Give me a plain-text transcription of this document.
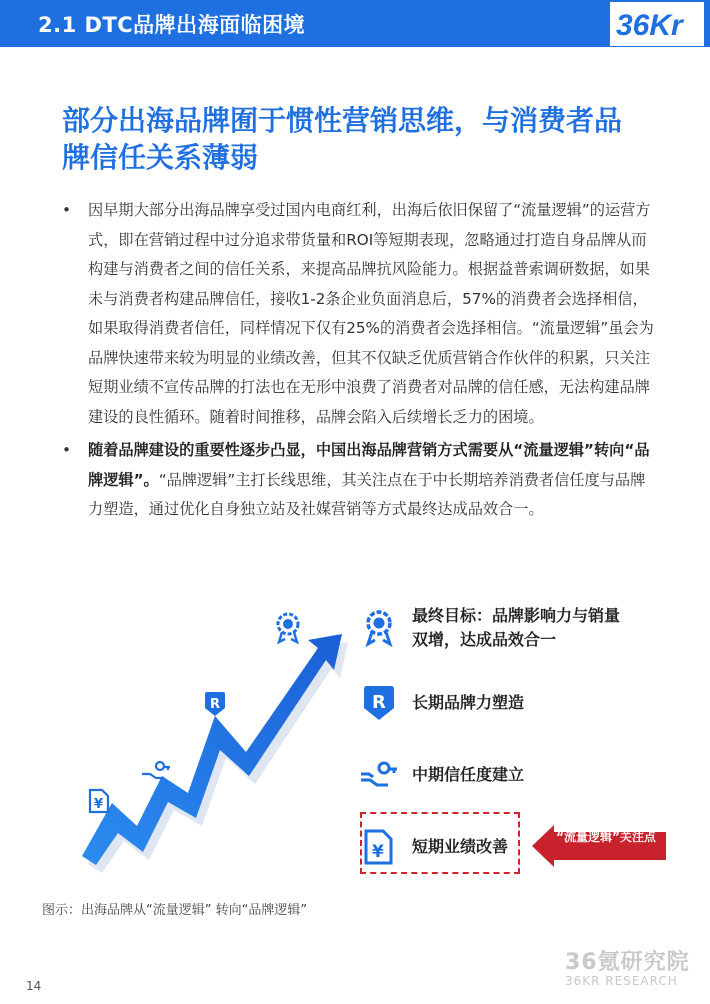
2.1 DTC品牌出海面临困境	36Kr
部分出海品牌囿于惯性营销思维，与消费者品
牌信任关系薄弱
• 因早期大部分出海品牌享受过国内电商红利，出海后依旧保留了“流量逻辑”的运营方式，即在营销过程中过分追求带货量和ROI等短期表现，忽略通过打造自身品牌从而构建与消费者之间的信任关系，来提高品牌抗风险能力。根据益普索调研数据，如果未与消费者构建品牌信任，接收1-2条企业负面消息后，57%的消费者会选择相信，如果取得消费者信任，同样情况下仅有25%的消费者会选择相信。“流量逻辑”虽会为品牌快速带来较为明显的业绩改善，但其不仅缺乏优质营销合作伙伴的积累，只关注短期业绩不宣传品牌的打法也在无形中浪费了消费者对品牌的信任感，无法构建品牌建设的良性循环。随着时间推移，品牌会陷入后续增长乏力的困境。
• 随着品牌建设的重要性逐步凸显，中国出海品牌营销方式需要从“流量逻辑”转向“品牌逻辑”。“品牌逻辑”主打长线思维，其关注点在于中长期培养消费者信任度与品牌力塑造，通过优化自身独立站及社媒营销等方式最终达成品效合一。
¥
R
最终目标：品牌影响力与销量双增，达成品效合一
R 长期品牌力塑造
中期信任度建立
¥ 短期业绩改善	“流量逻辑”关注点
图示：出海品牌从“流量逻辑” 转向“品牌逻辑”
36氪研究院
36KR RESEARCH
14
